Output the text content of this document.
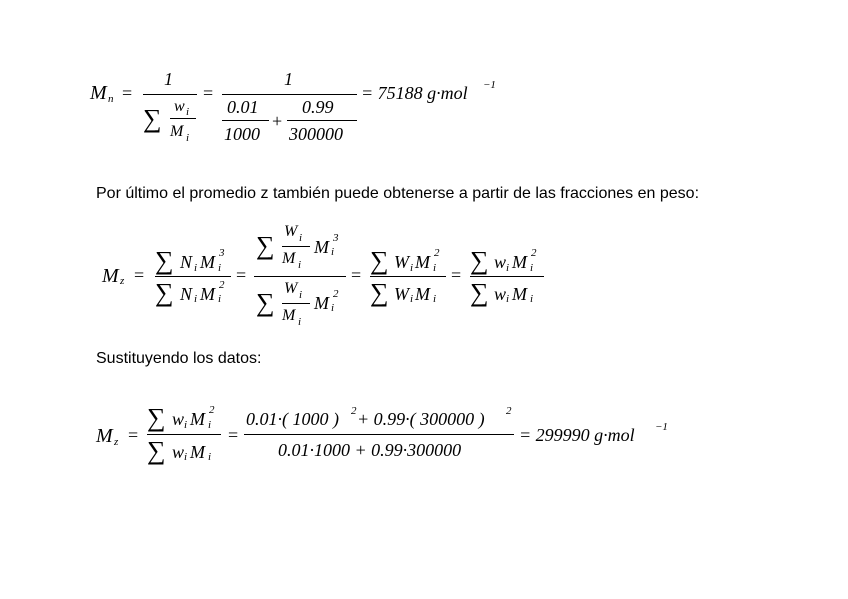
M n =
1
∑ w i
M i
=
1
0.01
1000
+
0.99
300000
= 75188 g·mol −1
Por último el promedio z también puede obtenerse a partir de las fracciones en peso:
M z = ∑ N i M i
3
∑ N i M i
2 =
∑ W i
M i
M i
3
∑ W i
M i
M i
2
= ∑ W i M i
2
∑ W i M i
= ∑ w i M i
2
∑ w i M i
Sustituyendo los datos:
M z =
∑ w i M i
2
∑ w i M i
=
0.01·( 1000 ) 2 + 0.99·( 300000 ) 2
0.01·1000 + 0.99·300000
= 299990 g·mol −1
